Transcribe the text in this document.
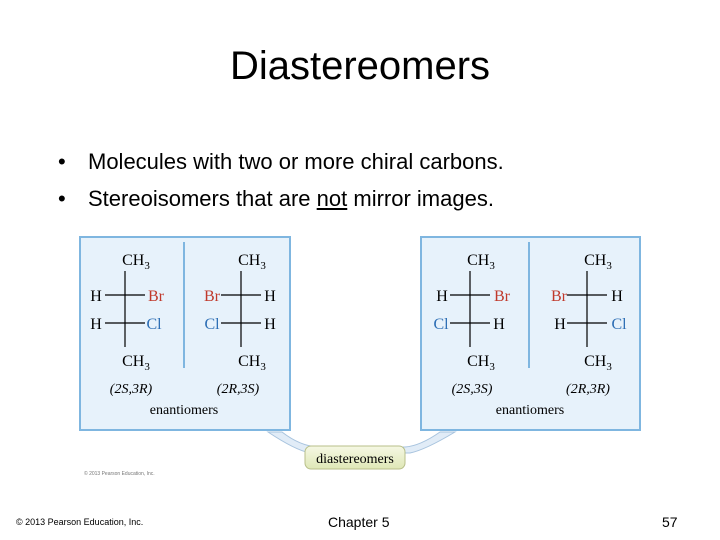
Diastereomers
•	Molecules with two or more chiral carbons.
•	Stereoisomers that are not mirror images.
diastereomers
$CH_3$
H	Br
H	Cl
$CH_3$
(2S,3R)
$CH_3$
Br	H
Cl	H
$CH_3$
(2R,3S)
enantiomers
$CH_3$
H	Br
Cl	H
$CH_3$
(2S,3S)
$CH_3$
Br	H
H	Cl
$CH_3$
(2R,3R)
enantiomers
© 2013 Pearson Education, Inc.
© 2013 Pearson Education, Inc.	Chapter 5	57
